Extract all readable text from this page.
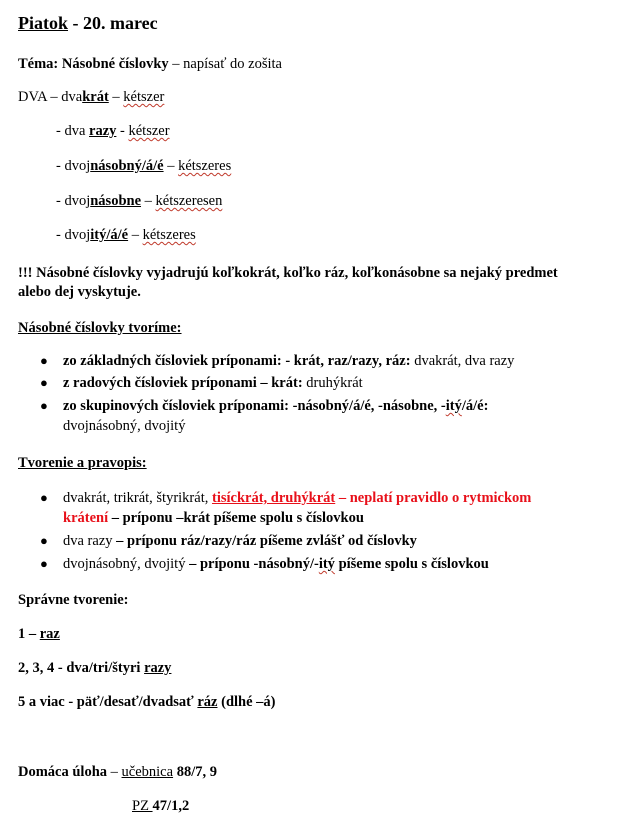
Piatok - 20. marec
Téma: Násobné číslovky – napísať do zošita
DVA – dvakrát – kétszer
- dva razy - kétszer
- dvojnásobný/á/é – kétszeres
- dvojnásobne – kétszeresen
- dvojitý/á/é – kétszeres
!!! Násobné číslovky vyjadrujú koľkokrát, koľko ráz, koľkonásobne sa nejaký predmet
alebo dej vyskytuje.
Násobné číslovky tvoríme:
● zo základných čísloviek príponami: - krát, raz/razy, ráz: dvakrát, dva razy
● z radových čísloviek príponami – krát: druhýkrát
● zo skupinových čísloviek príponami: -násobný/á/é, -násobne, -itý/á/é:
dvojnásobný, dvojitý
Tvorenie a pravopis:
● dvakrát, trikrát, štyrikrát, tisíckrát, druhýkrát – neplatí pravidlo o rytmickom
krátení – príponu –krát píšeme spolu s číslovkou
● dva razy – príponu ráz/razy/ráz píšeme zvlášť od číslovky
● dvojnásobný, dvojitý – príponu -násobný/-itý píšeme spolu s číslovkou
Správne tvorenie:
1 – raz
2, 3, 4 - dva/tri/štyri razy
5 a viac - päť/desať/dvadsať ráz (dlhé –á)
Domáca úloha – učebnica 88/7, 9
PZ 47/1,2
